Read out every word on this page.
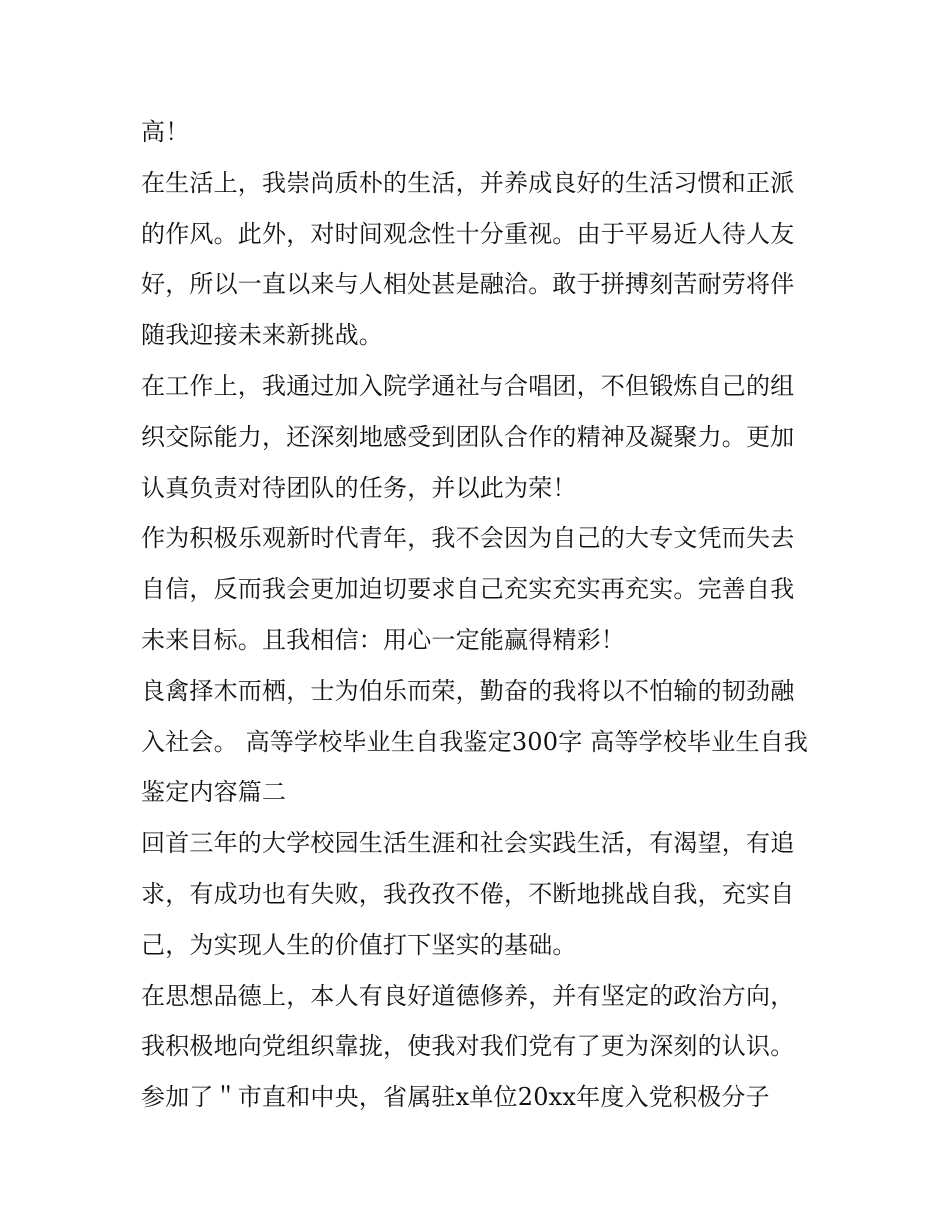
高！

在生活上，我崇尚质朴的生活，并养成良好的生活习惯和正派的作风。此外，对时间观念性十分重视。由于平易近人待人友好，所以一直以来与人相处甚是融洽。敢于拼搏刻苦耐劳将伴随我迎接未来新挑战。

在工作上，我通过加入院学通社与合唱团，不但锻炼自己的组织交际能力，还深刻地感受到团队合作的精神及凝聚力。更加认真负责对待团队的任务，并以此为荣！

作为积极乐观新时代青年，我不会因为自己的大专文凭而失去自信，反而我会更加迫切要求自己充实充实再充实。完善自我未来目标。且我相信：用心一定能赢得精彩！

良禽择木而栖，士为伯乐而荣，勤奋的我将以不怕输的韧劲融入社会。 高等学校毕业生自我鉴定300字 高等学校毕业生自我鉴定内容篇二

回首三年的大学校园生活生涯和社会实践生活，有渴望，有追求，有成功也有失败，我孜孜不倦，不断地挑战自我，充实自己，为实现人生的价值打下坚实的基础。

在思想品德上，本人有良好道德修养，并有坚定的政治方向，我积极地向党组织靠拢，使我对我们党有了更为深刻的认识。参加了＂市直和中央，省属驻x单位20xx年度入党积极分子
